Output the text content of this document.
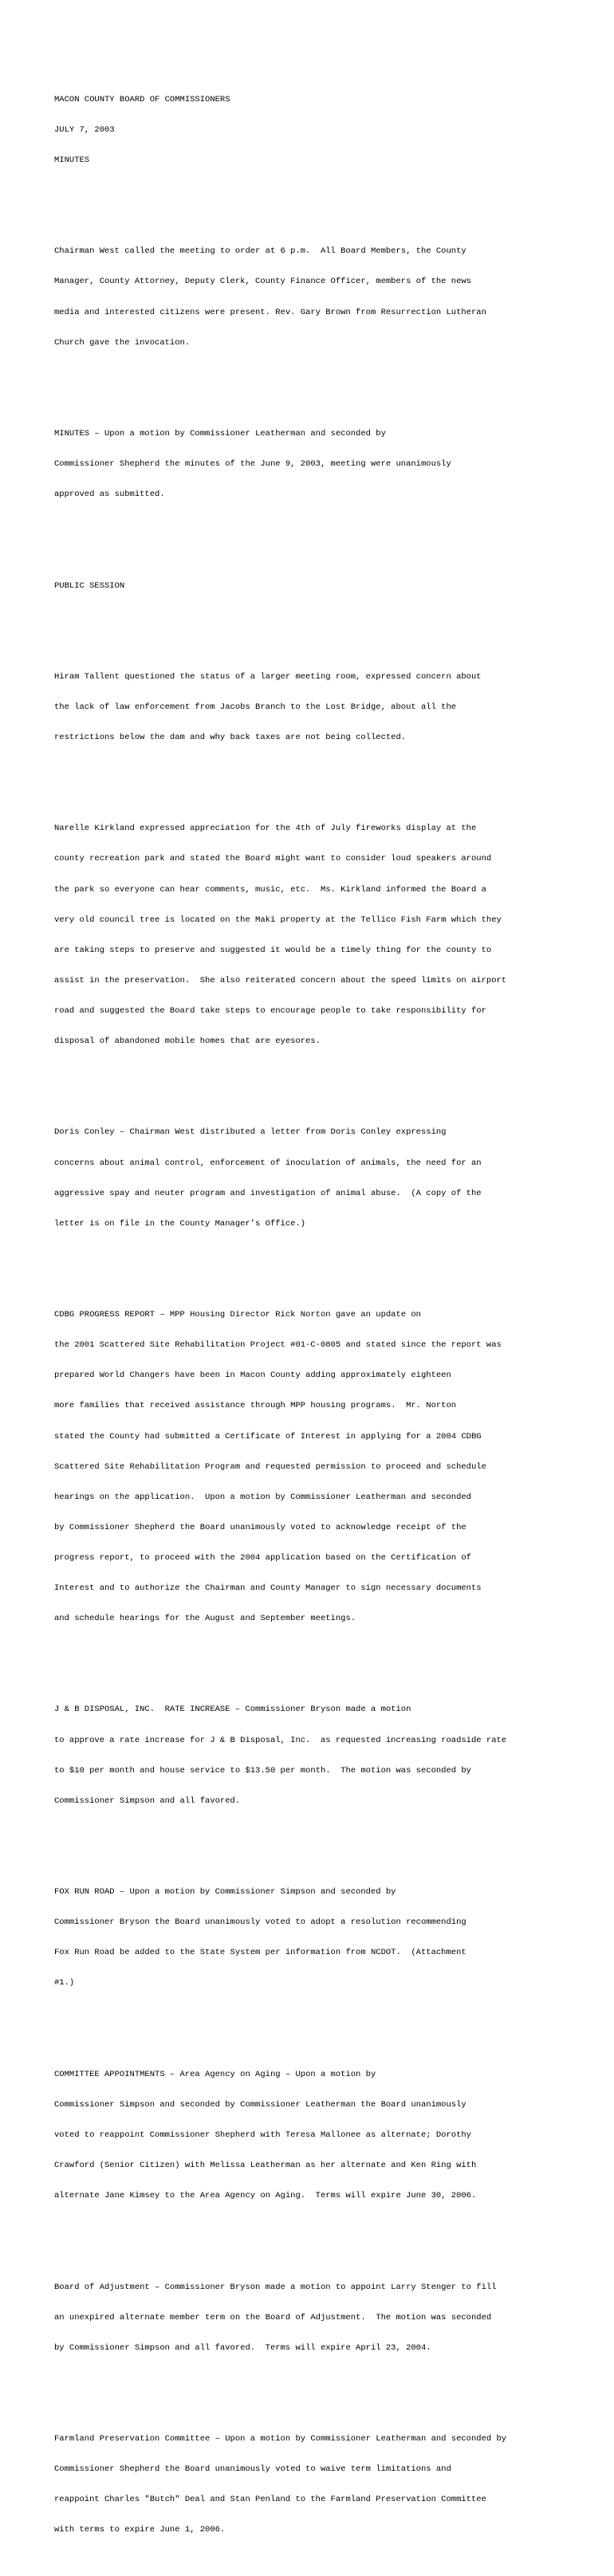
MACON COUNTY BOARD OF COMMISSIONERS

JULY 7, 2003

MINUTES

Chairman West called the meeting to order at 6 p.m.  All Board Members, the County

Manager, County Attorney, Deputy Clerk, County Finance Officer, members of the news

media and interested citizens were present. Rev. Gary Brown from Resurrection Lutheran

Church gave the invocation.

MINUTES – Upon a motion by Commissioner Leatherman and seconded by

Commissioner Shepherd the minutes of the June 9, 2003, meeting were unanimously

approved as submitted.

PUBLIC SESSION

Hiram Tallent questioned the status of a larger meeting room, expressed concern about

the lack of law enforcement from Jacobs Branch to the Lost Bridge, about all the

restrictions below the dam and why back taxes are not being collected.

Narelle Kirkland expressed appreciation for the 4th of July fireworks display at the

county recreation park and stated the Board might want to consider loud speakers around

the park so everyone can hear comments, music, etc.  Ms. Kirkland informed the Board a

very old council tree is located on the Maki property at the Tellico Fish Farm which they

are taking steps to preserve and suggested it would be a timely thing for the county to

assist in the preservation.  She also reiterated concern about the speed limits on airport

road and suggested the Board take steps to encourage people to take responsibility for

disposal of abandoned mobile homes that are eyesores.

Doris Conley – Chairman West distributed a letter from Doris Conley expressing

concerns about animal control, enforcement of inoculation of animals, the need for an

aggressive spay and neuter program and investigation of animal abuse.  (A copy of the

letter is on file in the County Manager’s Office.)

CDBG PROGRESS REPORT – MPP Housing Director Rick Norton gave an update on

the 2001 Scattered Site Rehabilitation Project #01-C-0805 and stated since the report was

prepared World Changers have been in Macon County adding approximately eighteen

more families that received assistance through MPP housing programs.  Mr. Norton

stated the County had submitted a Certificate of Interest in applying for a 2004 CDBG

Scattered Site Rehabilitation Program and requested permission to proceed and schedule

hearings on the application.  Upon a motion by Commissioner Leatherman and seconded

by Commissioner Shepherd the Board unanimously voted to acknowledge receipt of the

progress report, to proceed with the 2004 application based on the Certification of

Interest and to authorize the Chairman and County Manager to sign necessary documents

and schedule hearings for the August and September meetings.

J & B DISPOSAL, INC.  RATE INCREASE – Commissioner Bryson made a motion

to approve a rate increase for J & B Disposal, Inc.  as requested increasing roadside rate

to $10 per month and house service to $13.50 per month.  The motion was seconded by

Commissioner Simpson and all favored.

FOX RUN ROAD – Upon a motion by Commissioner Simpson and seconded by

Commissioner Bryson the Board unanimously voted to adopt a resolution recommending

Fox Run Road be added to the State System per information from NCDOT.  (Attachment

#1.)

COMMITTEE APPOINTMENTS – Area Agency on Aging – Upon a motion by

Commissioner Simpson and seconded by Commissioner Leatherman the Board unanimously

voted to reappoint Commissioner Shepherd with Teresa Mallonee as alternate; Dorothy

Crawford (Senior Citizen) with Melissa Leatherman as her alternate and Ken Ring with

alternate Jane Kimsey to the Area Agency on Aging.  Terms will expire June 30, 2006.

Board of Adjustment – Commissioner Bryson made a motion to appoint Larry Stenger to fill

an unexpired alternate member term on the Board of Adjustment.  The motion was seconded

by Commissioner Simpson and all favored.  Terms will expire April 23, 2004.

Farmland Preservation Committee – Upon a motion by Commissioner Leatherman and seconded by

Commissioner Shepherd the Board unanimously voted to waive term limitations and

reappoint Charles "Butch" Deal and Stan Penland to the Farmland Preservation Committee

with terms to expire June 1, 2006.
